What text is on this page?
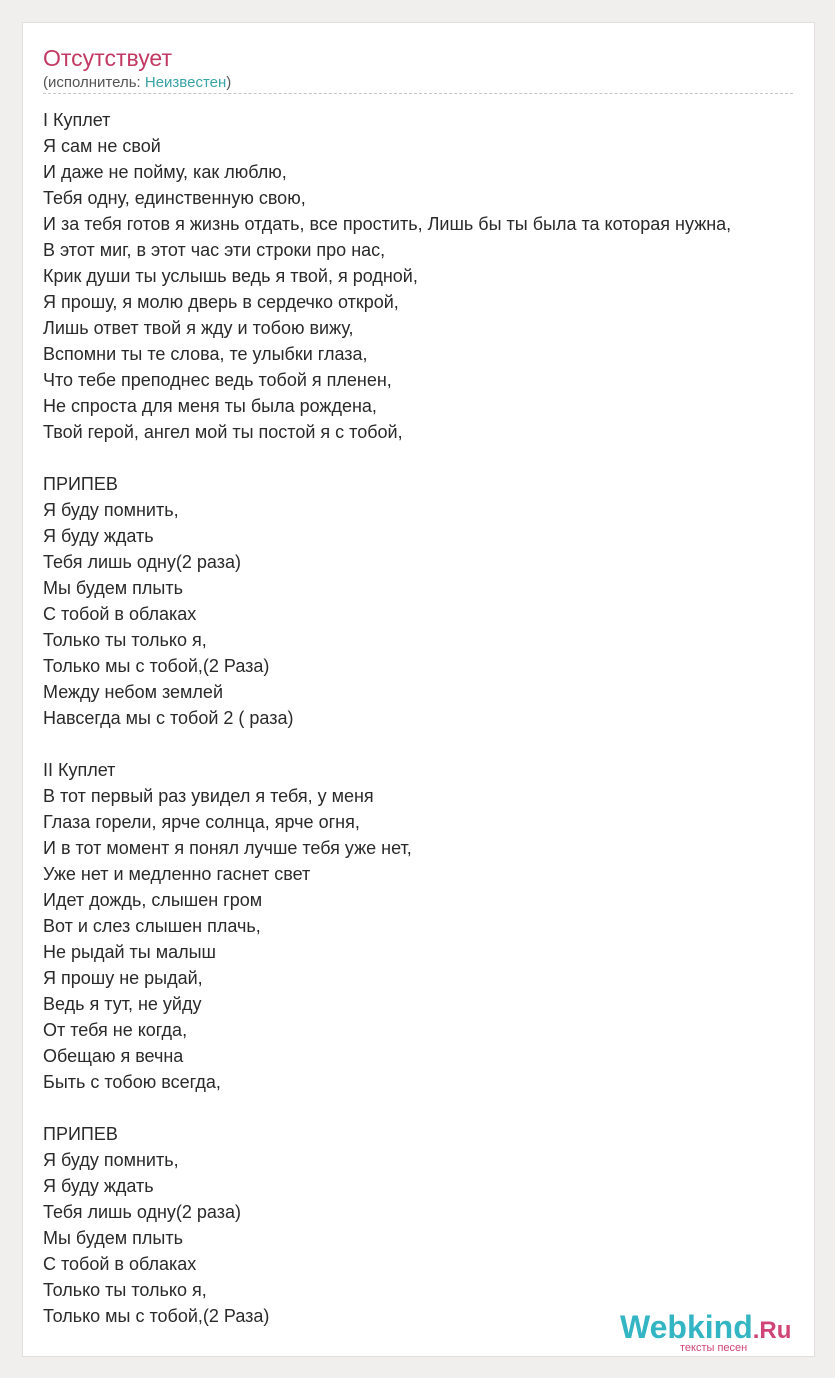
Отсутствует
(исполнитель: Неизвестен)
I Куплет
Я сам не свой
И даже не пойму, как люблю,
Тебя одну, единственную свою,
И за тебя готов я жизнь отдать, все простить, Лишь бы ты была та которая нужна,
В этот миг, в этот час эти строки про нас,
Крик души ты услышь ведь я твой, я родной,
Я прошу, я молю дверь в сердечко открой,
Лишь ответ твой я жду и тобою вижу,
Вспомни ты те слова, те улыбки глаза,
Что тебе преподнес ведь тобой я пленен,
Не спроста для меня ты была рождена,
Твой герой, ангел мой ты постой я с тобой,
ПРИПЕВ
Я буду помнить,
Я буду ждать
Тебя лишь одну(2 раза)
Мы будем плыть
С тобой в облаках
Только ты только я,
Только мы с тобой,(2 Раза)
Между небом землей
Навсегда мы с тобой 2 ( раза)
II Куплет
В тот первый раз увидел я тебя, у меня
Глаза горели, ярче солнца, ярче огня,
И в тот момент я понял лучше тебя уже нет,
Уже нет и медленно гаснет свет
Идет дождь, слышен гром
Вот и слез слышен плачь,
Не рыдай ты малыш
Я прошу не рыдай,
Ведь я тут, не уйду
От тебя не когда,
Обещаю я вечна
Быть с тобою всегда,
ПРИПЕВ
Я буду помнить,
Я буду ждать
Тебя лишь одну(2 раза)
Мы будем плыть
С тобой в облаках
Только ты только я,
Только мы с тобой,(2 Раза)	Webkind.Ru
тексты песен
